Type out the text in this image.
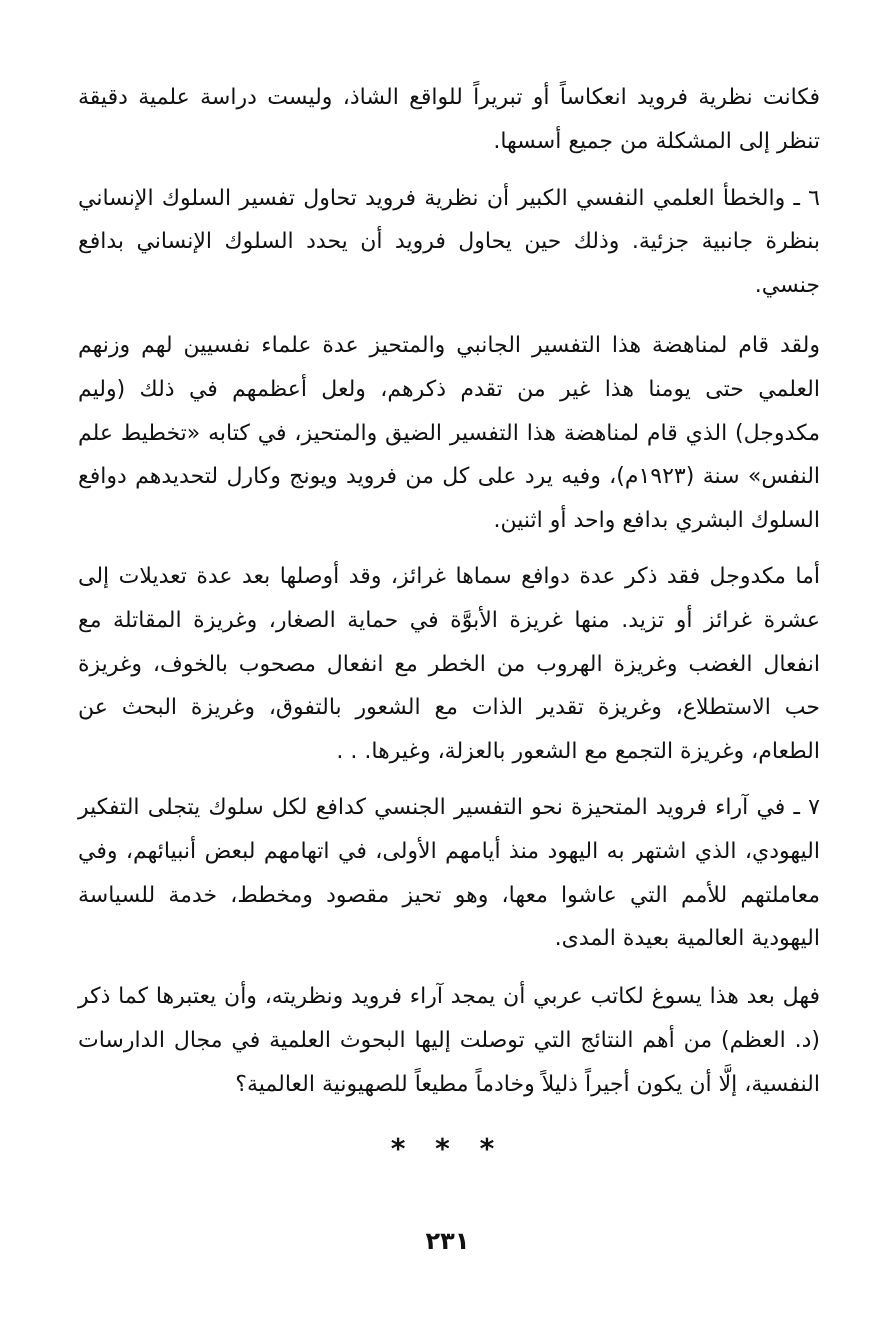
فكانت نظرية فرويد انعكاساً أو تبريراً للواقع الشاذ، وليست دراسة علمية دقيقة تنظر إلى المشكلة من جميع أسسها.

٦ ـ والخطأ العلمي النفسي الكبير أن نظرية فرويد تحاول تفسير السلوك الإنساني بنظرة جانبية جزئية. وذلك حين يحاول فرويد أن يحدد السلوك الإنساني بدافع جنسي.

ولقد قام لمناهضة هذا التفسير الجانبي والمتحيز عدة علماء نفسيين لهم وزنهم العلمي حتى يومنا هذا غير من تقدم ذكرهم، ولعل أعظمهم في ذلك (وليم مكدوجل) الذي قام لمناهضة هذا التفسير الضيق والمتحيز، في كتابه «تخطيط علم النفس» سنة (١٩٢٣م)، وفيه يرد على كل من فرويد ويونج وكارل لتحديدهم دوافع السلوك البشري بدافع واحد أو اثنين.

أما مكدوجل فقد ذكر عدة دوافع سماها غرائز، وقد أوصلها بعد عدة تعديلات إلى عشرة غرائز أو تزيد. منها غريزة الأبوَّة في حماية الصغار، وغريزة المقاتلة مع انفعال الغضب وغريزة الهروب من الخطر مع انفعال مصحوب بالخوف، وغريزة حب الاستطلاع، وغريزة تقدير الذات مع الشعور بالتفوق، وغريزة البحث عن الطعام، وغريزة التجمع مع الشعور بالعزلة، وغيرها. . .

٧ ـ في آراء فرويد المتحيزة نحو التفسير الجنسي كدافع لكل سلوك يتجلى التفكير اليهودي، الذي اشتهر به اليهود منذ أيامهم الأولى، في اتهامهم لبعض أنبيائهم، وفي معاملتهم للأمم التي عاشوا معها، وهو تحيز مقصود ومخطط، خدمة للسياسة اليهودية العالمية بعيدة المدى.

فهل بعد هذا يسوغ لكاتب عربي أن يمجد آراء فرويد ونظريته، وأن يعتبرها كما ذكر (د. العظم) من أهم النتائج التي توصلت إليها البحوث العلمية في مجال الدارسات النفسية، إلَّا أن يكون أجيراً ذليلاً وخادماً مطيعاً للصهيونية العالمية؟

* * *
٢٣١
